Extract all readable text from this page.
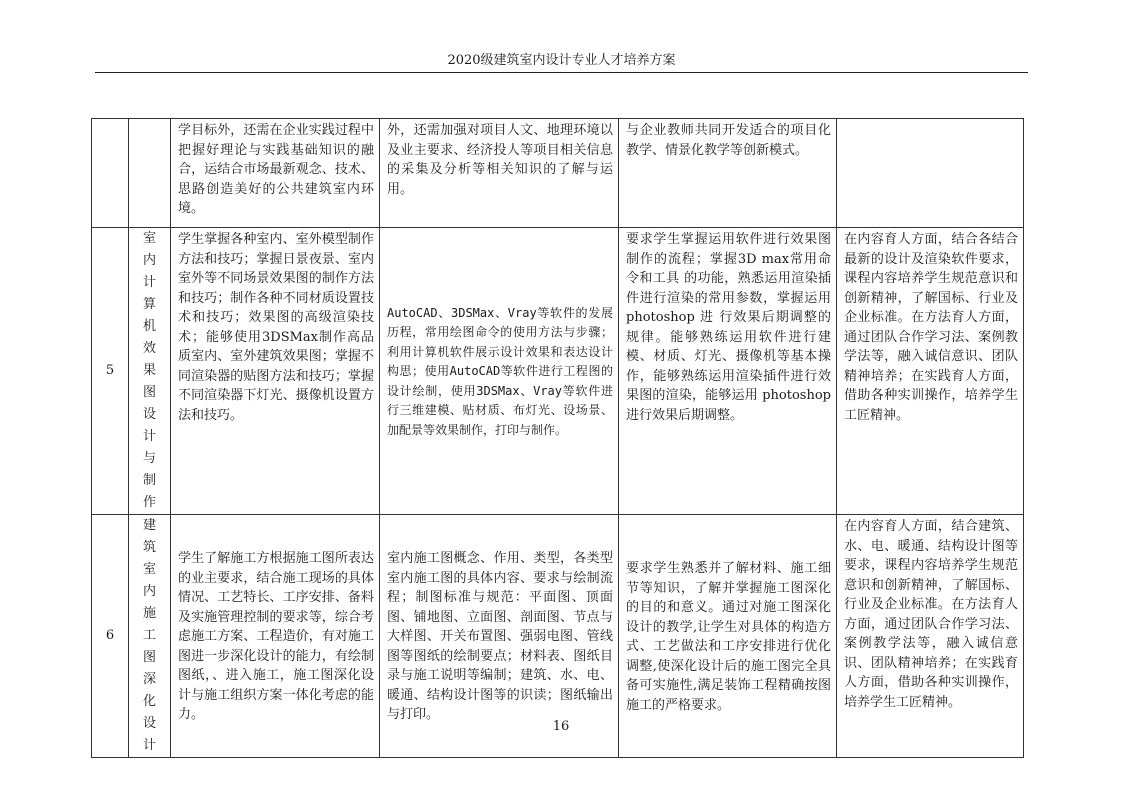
2020级建筑室内设计专业人才培养方案
		学目标外，还需在企业实践过程中把握好理论与实践基础知识的融合，运结合市场最新观念、技术、思路创造美好的公共建筑室内环境。	外，还需加强对项目人文、地理环境以及业主要求、经济投人等项目相关信息的采集及分析等相关知识的了解与运用。	与企业教师共同开发适合的项目化教学、情景化教学等创新模式。	
5	室内计算机效果图设计与制作	学生掌握各种室内、室外模型制作方法和技巧；掌握日景夜景、室内室外等不同场景效果图的制作方法和技巧；制作各种不同材质设置技术和技巧；效果图的高级渲染技术；能够使用3DSMax制作高品质室内、室外建筑效果图；掌握不同渲染器的贴图方法和技巧；掌握不同渲染器下灯光、摄像机设置方法和技巧。	AutoCAD、3DSMax、Vray等软件的发展历程，常用绘图命令的使用方法与步骤；利用计算机软件展示设计效果和表达设计构思；使用AutoCAD等软件进行工程图的设计绘制，使用3DSMax、Vray等软件进行三维建模、贴材质、布灯光、设场景、加配景等效果制作，打印与制作。	要求学生掌握运用软件进行效果图制作的流程；掌握3D max常用命令和工具 的功能，熟悉运用渲染插件进行渲染的常用参数，掌握运用 photoshop 进 行效果后期调整的规律。能够熟练运用软件进行建模、材质、灯光、摄像机等基本操作，能够熟练运用渲染插件进行效果图的渲染，能够运用 photoshop进行效果后期调整。	在内容育人方面，结合各结合最新的设计及渲染软件要求，课程内容培养学生规范意识和创新精神，了解国标、行业及企业标准。在方法育人方面，通过团队合作学习法、案例教学法等，融入诚信意识、团队精神培养；在实践育人方面，借助各种实训操作，培养学生工匠精神。
6	建筑室内施工图深化设计	学生了解施工方根据施工图所表达的业主要求，结合施工现场的具体情况、工艺特长、工序安排、备料及实施管理控制的要求等，综合考虑施工方案、工程造价，有对施工图进一步深化设计的能力，有绘制图纸，、进入施工，施工图深化设计与施工组织方案一体化考虑的能力。	室内施工图概念、作用、类型，各类型室内施工图的具体内容、要求与绘制流程；制图标准与规范：平面图、顶面图、铺地图、立面图、剖面图、节点与大样图、开关布置图、强弱电图、管线图等图纸的绘制要点；材料表、图纸目录与施工说明等编制；建筑、水、电、暖通、结构设计图等的识读；图纸输出与打印。	要求学生熟悉并了解材料、施工细节等知识，了解并掌握施工图深化的目的和意义。通过对施工图深化设计的教学,让学生对具体的构造方式、工艺做法和工序安排进行优化调整,使深化设计后的施工图完全具备可实施性,满足装饰工程精确按图施工的严格要求。	在内容育人方面，结合建筑、水、电、暖通、结构设计图等要求，课程内容培养学生规范意识和创新精神，了解国标、行业及企业标准。在方法育人方面，通过团队合作学习法、案例教学法等，融入诚信意识、团队精神培养；在实践育人方面，借助各种实训操作，培养学生工匠精神。
16
